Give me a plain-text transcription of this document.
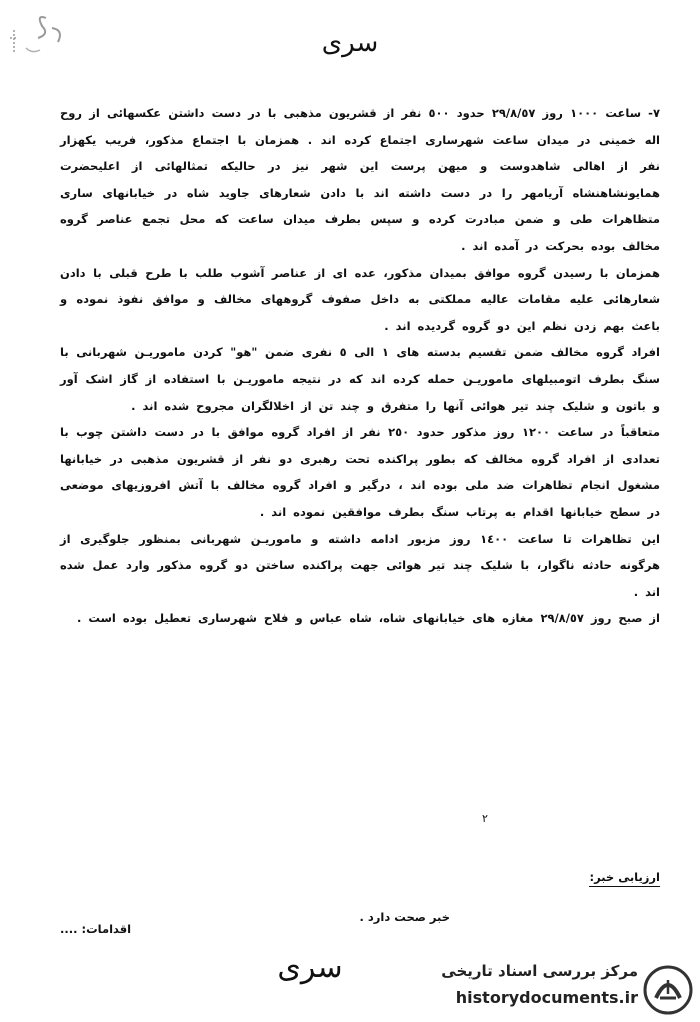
سری

٧- ساعت ١٠٠٠ روز ٢٩/٨/٥٧ حدود ٥٠٠ نفر از قشریون مذهبی با در دست داشتن عکسهائی از روح اله خمینی در میدان ساعت شهرساری اجتماع کرده اند . همزمان با اجتماع مذکور، فریب یکهزار نفر از اهالی شاهدوست و میهن پرست این شهر نیز در حالیکه تمثالهائی از اعلیحضرت همایونشاهنشاه آریامهر را در دست داشته اند با دادن شعارهای جاوید شاه در خیابانهای ساری متظاهرات طی و ضمن مبادرت کرده و سپس بطرف میدان ساعت که محل تجمع عناصر گروه مخالف بوده بحرکت در آمده اند .

همزمان با رسیدن گروه موافق بمیدان مذکور، عده ای از عناصر آشوب طلب با طرح قبلی با دادن شعارهائی علیه مقامات عالیه مملکتی به داخل صفوف گروههای مخالف و موافق نفوذ نموده و باعث بهم زدن نظم این دو گروه گردیده اند .

افراد گروه مخالف ضمن تقسیم بدسته های ١ الی ٥ نفری ضمن "هو" کردن ماموریـن شهربانی با سنگ بطرف اتومبیلهای ماموریـن حمله کرده اند که در نتیجه ماموریـن با استفاده از گاز اشک آور و باتون و شلیک چند تیر هوائی آنها را متفرق و چند تن از اخلالگران مجروح شده اند .

متعاقباً در ساعت ١٢٠٠ روز مذکور حدود ٢٥٠ نفر از افراد گروه موافق با در دست داشتن چوب با تعدادی از افراد گروه مخالف که بطور پراکنده تحت رهبری دو نفر از قشریون مذهبی در خیابانها مشغول انجام تظاهرات ضد ملی بوده اند ، درگیر و افراد گروه مخالف با آتش افروزیهای موضعی در سطح خیابانها اقدام به پرتاب سنگ بطرف موافقین نموده اند .

این تظاهرات تا ساعت ١٤٠٠ روز مزبور ادامه داشته و ماموریـن شهربانی بمنظور جلوگیری از هرگونه حادثه ناگوار، با شلیک چند تیر هوائی جهت پراکنده ساختن دو گروه مذکور وارد عمل شده اند .

از صبح روز ٢٩/٨/٥٧ مغازه های خیابانهای شاه، شاه عباس و فلاح شهرساری تعطیل بوده است .

٢
ارزیابی خبر:
خبر صحت دارد .
اقدامات: ....
سری	مرکز بررسی اسناد تاریخی
historydocuments.ir
